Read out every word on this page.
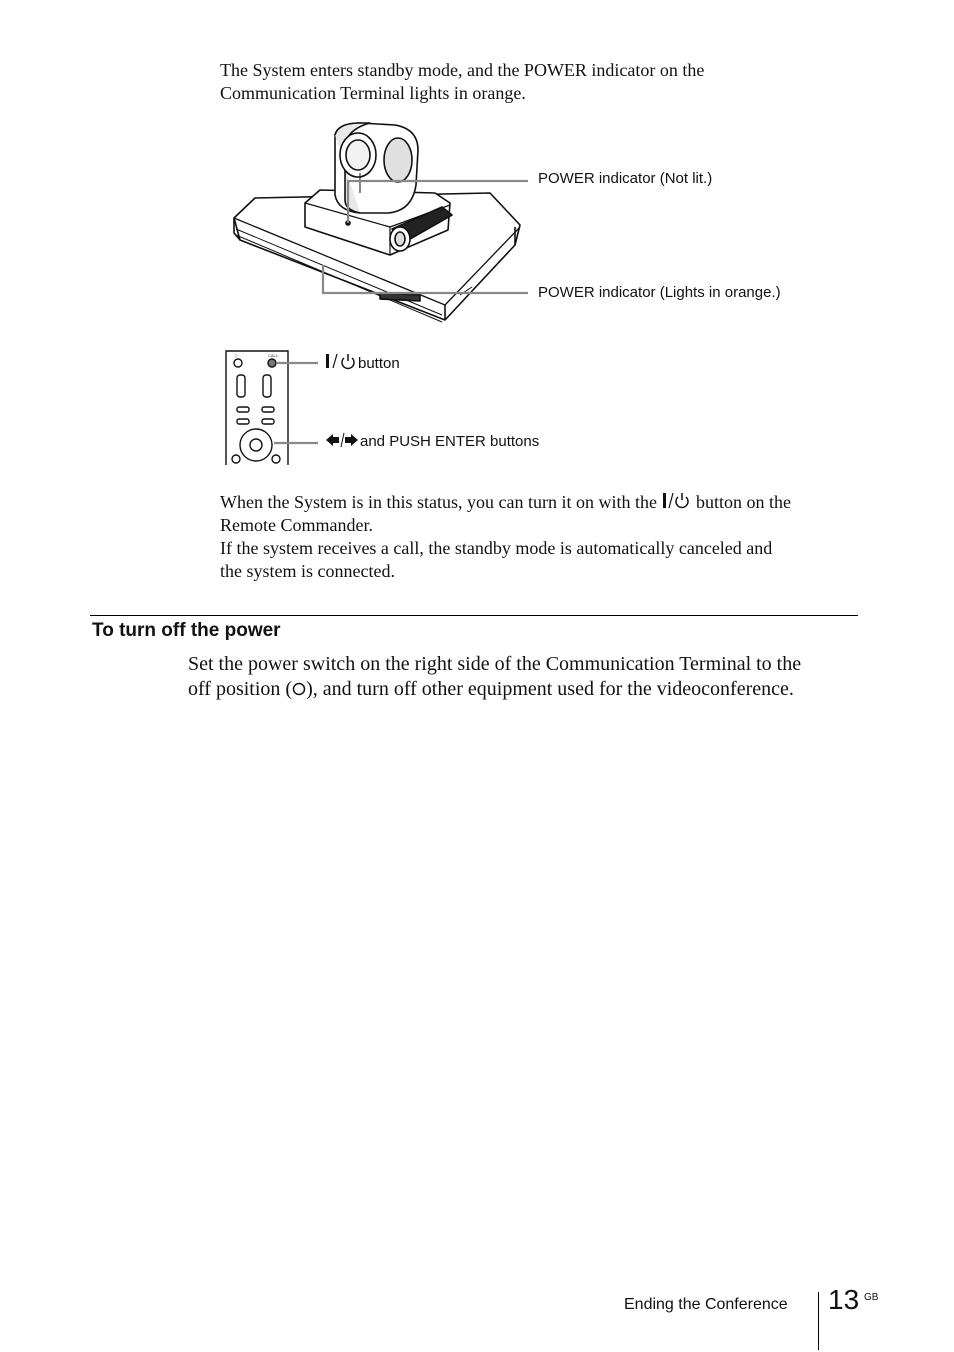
The System enters standby mode, and the POWER indicator on the
Communication Terminal lights in orange.
Ⓘ	CALL
POWER indicator (Not lit.)
POWER indicator (Lights in orange.)
button
and PUSH ENTER buttons
When the System is in this status, you can turn it on with the button on the
Remote Commander.
If the system receives a call, the standby mode is automatically canceled and
the system is connected.
To turn off the power
Set the power switch on the right side of the Communication Terminal to the
off position ( ), and turn off other equipment used for the videoconference.
Ending the Conference 13 GB
